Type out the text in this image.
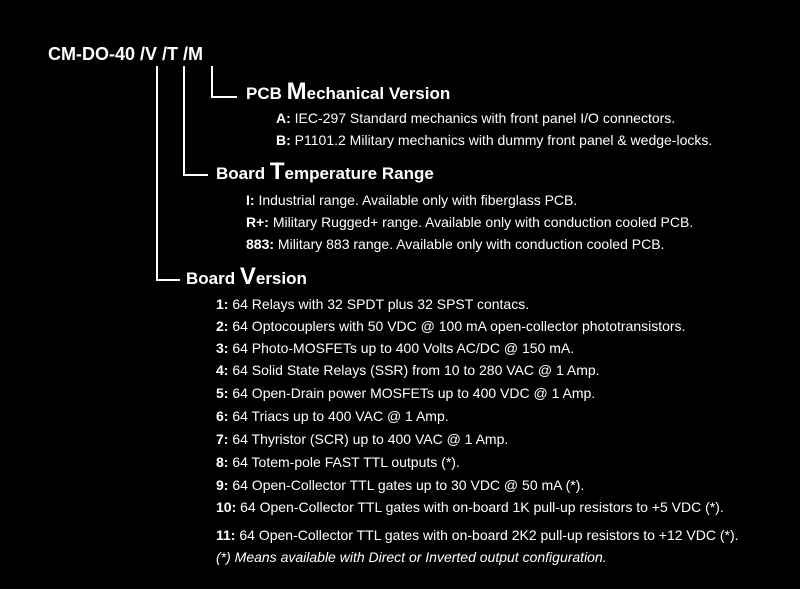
CM-DO-40 /V /T /M
PCB Mechanical Version
A: IEC-297 Standard mechanics with front panel I/O connectors.
B: P1101.2 Military mechanics with dummy front panel & wedge-locks.
Board Temperature Range
I: Industrial range. Available only with fiberglass PCB.
R+: Military Rugged+ range. Available only with conduction cooled PCB.
883: Military 883 range. Available only with conduction cooled PCB.
Board Version
1: 64 Relays with 32 SPDT plus 32 SPST contacs.
2: 64 Optocouplers with 50 VDC @ 100 mA open-collector phototransistors.
3: 64 Photo-MOSFETs up to 400 Volts AC/DC @ 150 mA.
4: 64 Solid State Relays (SSR) from 10 to 280 VAC @ 1 Amp.
5: 64 Open-Drain power MOSFETs up to 400 VDC @ 1 Amp.
6: 64 Triacs up to 400 VAC @ 1 Amp.
7: 64 Thyristor (SCR) up to 400 VAC @ 1 Amp.
8: 64 Totem-pole FAST TTL outputs (*).
9: 64 Open-Collector TTL gates up to 30 VDC @ 50 mA (*).
10: 64 Open-Collector TTL gates with on-board 1K pull-up resistors to +5 VDC (*).
11: 64 Open-Collector TTL gates with on-board 2K2 pull-up resistors to +12 VDC (*).
(*) Means available with Direct or Inverted output configuration.
